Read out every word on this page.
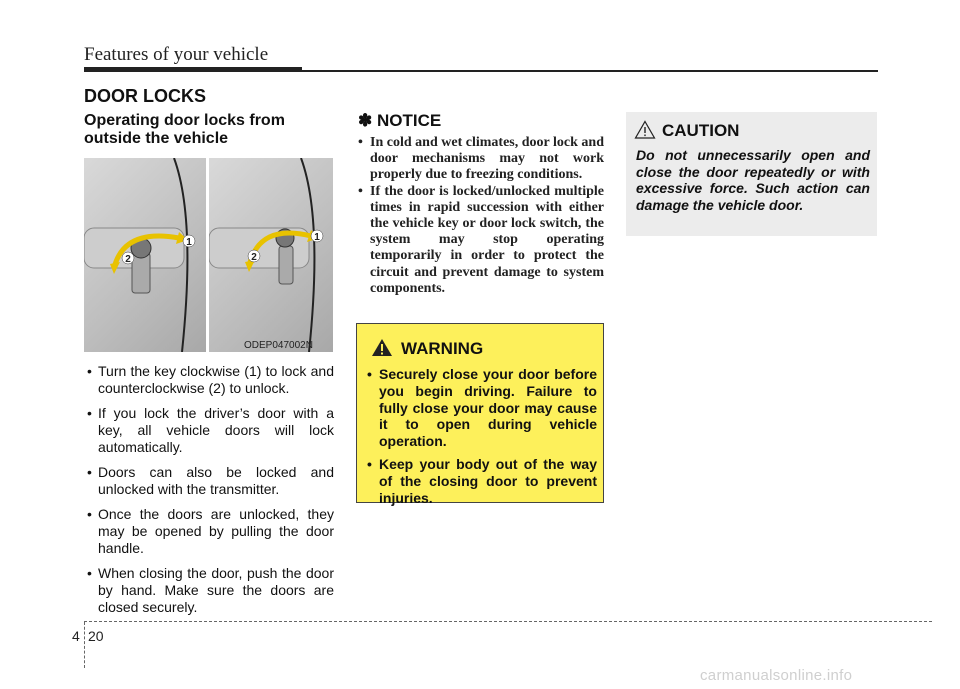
Features of your vehicle
DOOR LOCKS
Operating door locks from outside the vehicle
1
2
1
2
ODEP047002N
• Turn the key clockwise (1) to lock and counterclockwise (2) to unlock.
• If you lock the driver’s door with a key, all vehicle doors will lock automatically.
• Doors can also be locked and unlocked with the transmitter.
• Once the doors are unlocked, they may be opened by pulling the door handle.
• When closing the door, push the door by hand. Make sure the doors are closed securely.
✽ NOTICE
• In cold and wet climates, door lock and door mechanisms may not work properly due to freezing conditions.
• If the door is locked/unlocked multiple times in rapid succession with either the vehicle key or door lock switch, the system may stop operating temporarily in order to protect the circuit and prevent damage to system components.
WARNING
• Securely close your door before you begin driving. Failure to fully close your door may cause it to open during vehicle operation.
• Keep your body out of the way of the closing door to prevent injuries.
CAUTION
Do not unnecessarily open and close the door repeatedly or with excessive force. Such action can damage the vehicle door.
4 20
carmanualsonline.info
